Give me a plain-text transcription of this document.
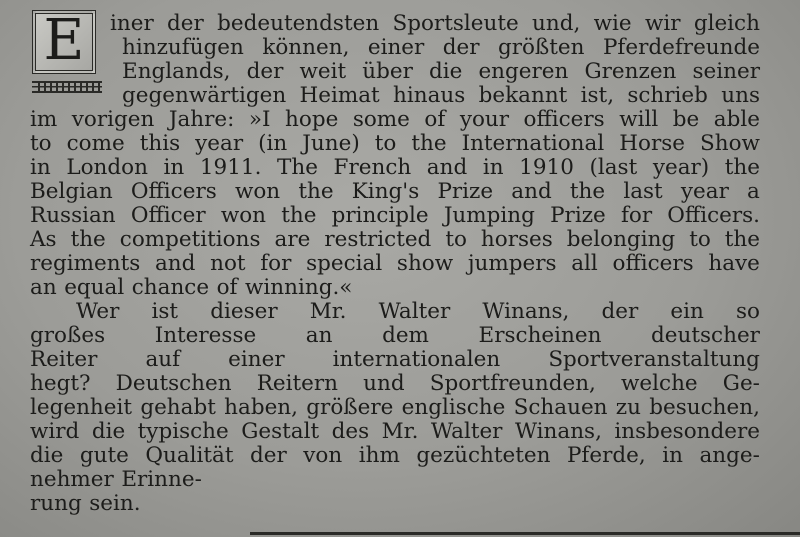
E	iner der bedeutendsten Sportsleute und, wie wir gleich
hinzufügen können, einer der größten Pferdefreunde
Englands, der weit über die engeren Grenzen seiner
gegenwärtigen Heimat hinaus bekannt ist, schrieb uns
im vorigen Jahre: »I hope some of your officers will be able
to come this year (in June) to the International Horse Show
in London in 1911. The French and in 1910 (last year) the
Belgian Officers won the King's Prize and the last year a
Russian Officer won the principle Jumping Prize for Officers.
As the competitions are restricted to horses belonging to the
regiments and not for special show jumpers all officers have
an equal chance of winning.«
Wer ist dieser Mr. Walter Winans, der ein so
großes Interesse an dem Erscheinen deutscher
Reiter auf einer internationalen Sportveranstaltung
hegt? Deutschen Reitern und Sportfreunden, welche Ge-
legenheit gehabt haben, größere englische Schauen zu besuchen,
wird die typische Gestalt des Mr. Walter Winans, insbesondere
die gute Qualität der von ihm gezüchteten Pferde, in ange-
nehmer Erinne-
rung sein.
